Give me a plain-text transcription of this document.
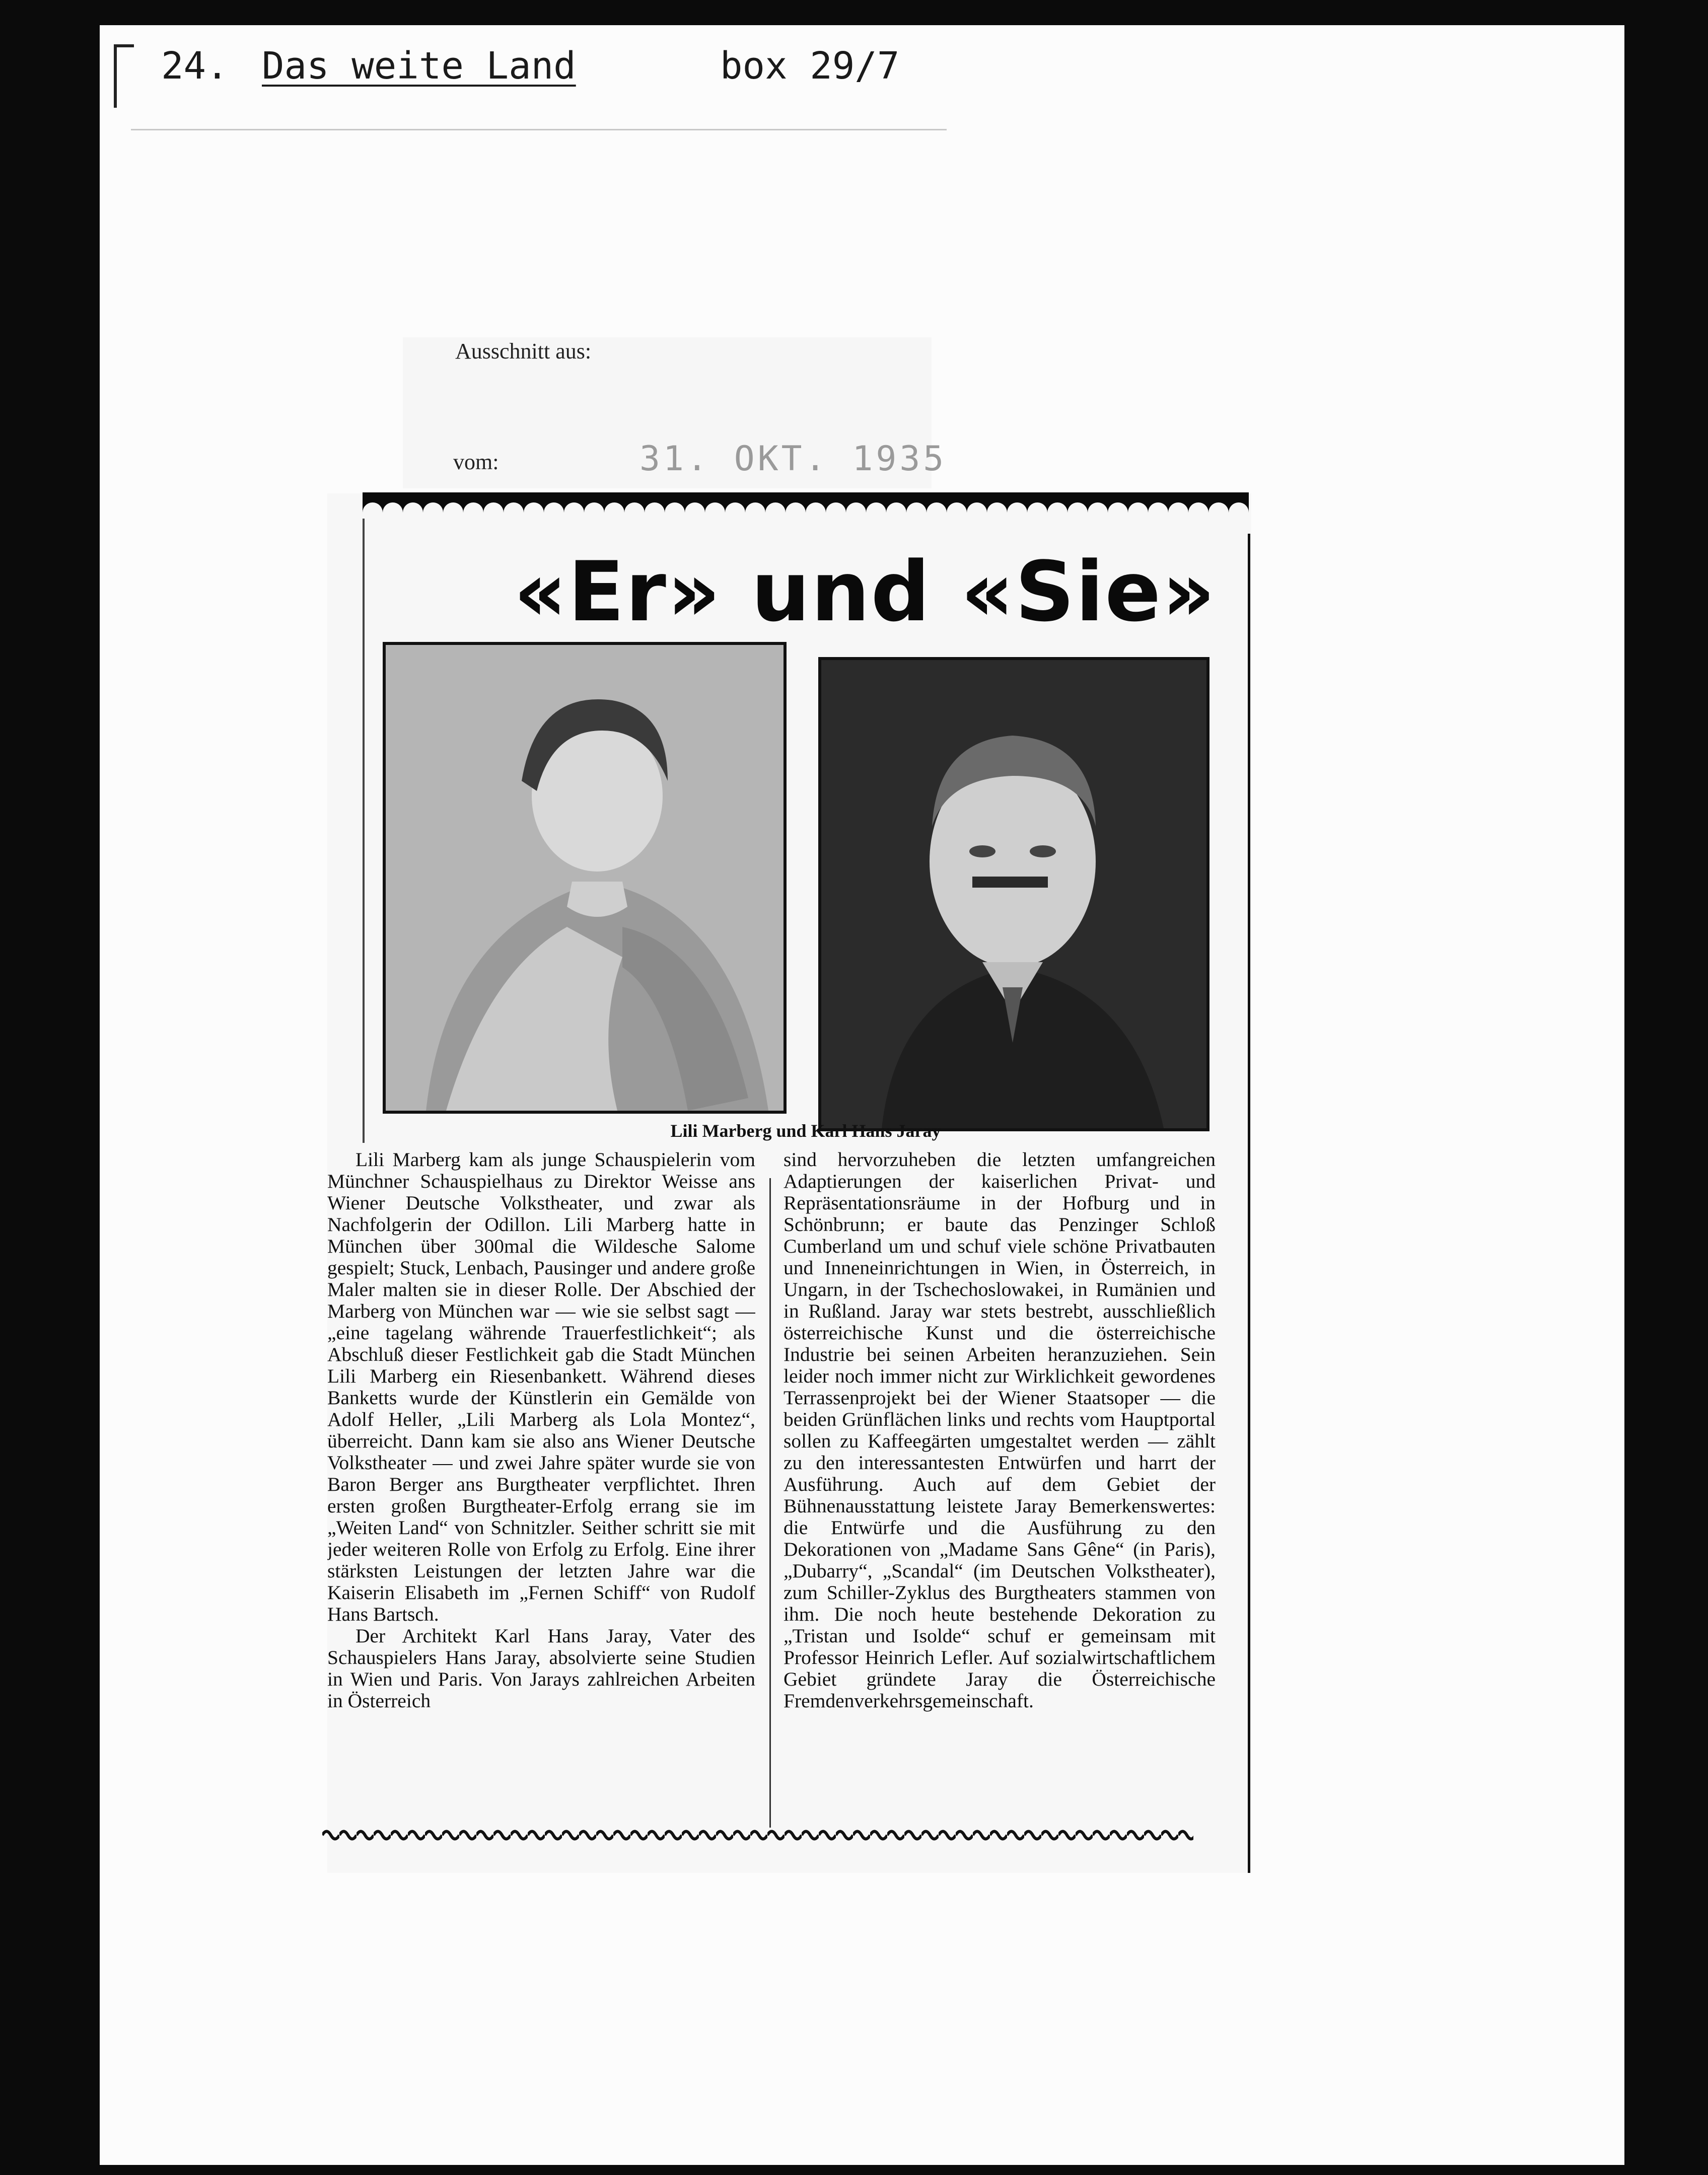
24. Das weite Land	box 29/7
Ausschnitt aus:
vom:	31. OKT. 1935
«Er» und «Sie»
Lili Marberg und Karl Hans Jaray

Lili Marberg kam als junge Schauspielerin vom Münchner Schauspielhaus zu Direktor Weisse ans Wiener Deutsche Volkstheater, und zwar als Nachfolgerin der Odillon. Lili Marberg hatte in München über 300mal die Wildesche Salome gespielt; Stuck, Lenbach, Pausinger und andere große Maler malten sie in dieser Rolle. Der Abschied der Marberg von München war — wie sie selbst sagt — „eine tagelang währende Trauerfestlichkeit“; als Abschluß dieser Festlichkeit gab die Stadt München Lili Marberg ein Riesenbankett. Während dieses Banketts wurde der Künstlerin ein Gemälde von Adolf Heller, „Lili Marberg als Lola Montez“, überreicht. Dann kam sie also ans Wiener Deutsche Volkstheater — und zwei Jahre später wurde sie von Baron Berger ans Burgtheater verpflichtet. Ihren ersten großen Burgtheater-Erfolg errang sie im „Weiten Land“ von Schnitzler. Seither schritt sie mit jeder weiteren Rolle von Erfolg zu Erfolg. Eine ihrer stärksten Leistungen der letzten Jahre war die Kaiserin Elisabeth im „Fernen Schiff“ von Rudolf Hans Bartsch.

Der Architekt Karl Hans Jaray, Vater des Schauspielers Hans Jaray, absolvierte seine Studien in Wien und Paris. Von Jarays zahlreichen Arbeiten in Österreich

sind hervorzuheben die letzten umfangreichen Adaptierungen der kaiserlichen Privat- und Repräsentationsräume in der Hofburg und in Schönbrunn; er baute das Penzinger Schloß Cumberland um und schuf viele schöne Privatbauten und Inneneinrichtungen in Wien, in Österreich, in Ungarn, in der Tschechoslowakei, in Rumänien und in Rußland. Jaray war stets bestrebt, ausschließlich österreichische Kunst und die österreichische Industrie bei seinen Arbeiten heranzuziehen. Sein leider noch immer nicht zur Wirklichkeit gewordenes Terrassenprojekt bei der Wiener Staatsoper — die beiden Grünflächen links und rechts vom Hauptportal sollen zu Kaffeegärten umgestaltet werden — zählt zu den interessantesten Entwürfen und harrt der Ausführung. Auch auf dem Gebiet der Bühnenausstattung leistete Jaray Bemerkenswertes: die Entwürfe und die Ausführung zu den Dekorationen von „Madame Sans Gêne“ (in Paris), „Dubarry“, „Scandal“ (im Deutschen Volkstheater), zum Schiller-Zyklus des Burgtheaters stammen von ihm. Die noch heute bestehende Dekoration zu „Tristan und Isolde“ schuf er gemeinsam mit Professor Heinrich Lefler. Auf sozialwirtschaftlichem Gebiet gründete Jaray die Österreichische Fremdenverkehrsgemeinschaft.
